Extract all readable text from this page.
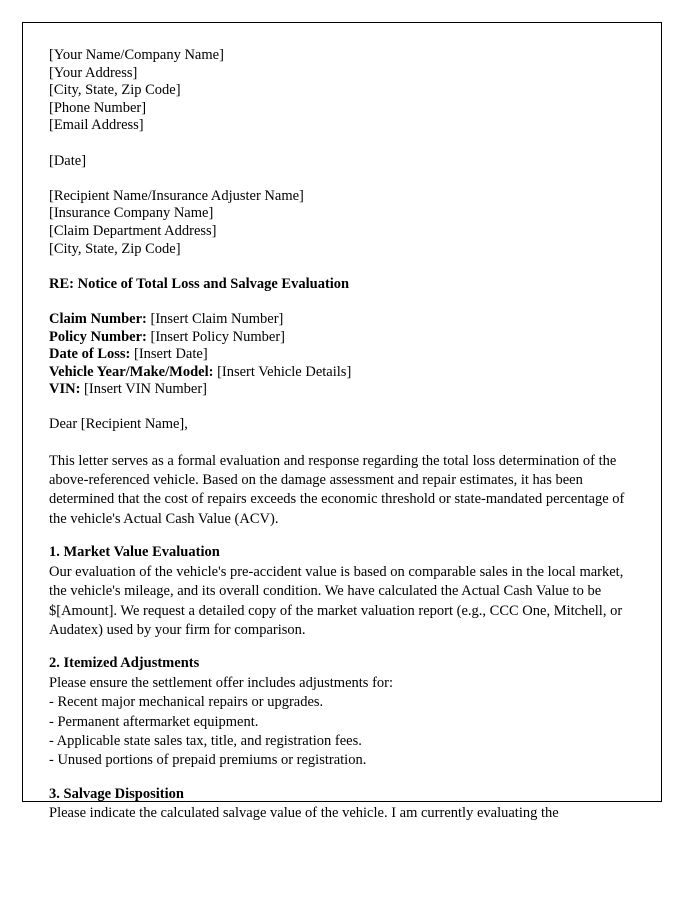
[Your Name/Company Name]
[Your Address]
[City, State, Zip Code]
[Phone Number]
[Email Address]
[Date]
[Recipient Name/Insurance Adjuster Name]
[Insurance Company Name]
[Claim Department Address]
[City, State, Zip Code]
RE: Notice of Total Loss and Salvage Evaluation
Claim Number: [Insert Claim Number]
Policy Number: [Insert Policy Number]
Date of Loss: [Insert Date]
Vehicle Year/Make/Model: [Insert Vehicle Details]
VIN: [Insert VIN Number]
Dear [Recipient Name],

This letter serves as a formal evaluation and response regarding the total loss determination of the above-referenced vehicle. Based on the damage assessment and repair estimates, it has been determined that the cost of repairs exceeds the economic threshold or state-mandated percentage of the vehicle's Actual Cash Value (ACV).

1. Market Value Evaluation

Our evaluation of the vehicle's pre-accident value is based on comparable sales in the local market, the vehicle's mileage, and its overall condition. We have calculated the Actual Cash Value to be $[Amount]. We request a detailed copy of the market valuation report (e.g., CCC One, Mitchell, or Audatex) used by your firm for comparison.

2. Itemized Adjustments

Please ensure the settlement offer includes adjustments for:

- Recent major mechanical repairs or upgrades.
- Permanent aftermarket equipment.
- Applicable state sales tax, title, and registration fees.
- Unused portions of prepaid premiums or registration.
3. Salvage Disposition

Please indicate the calculated salvage value of the vehicle. I am currently evaluating the
